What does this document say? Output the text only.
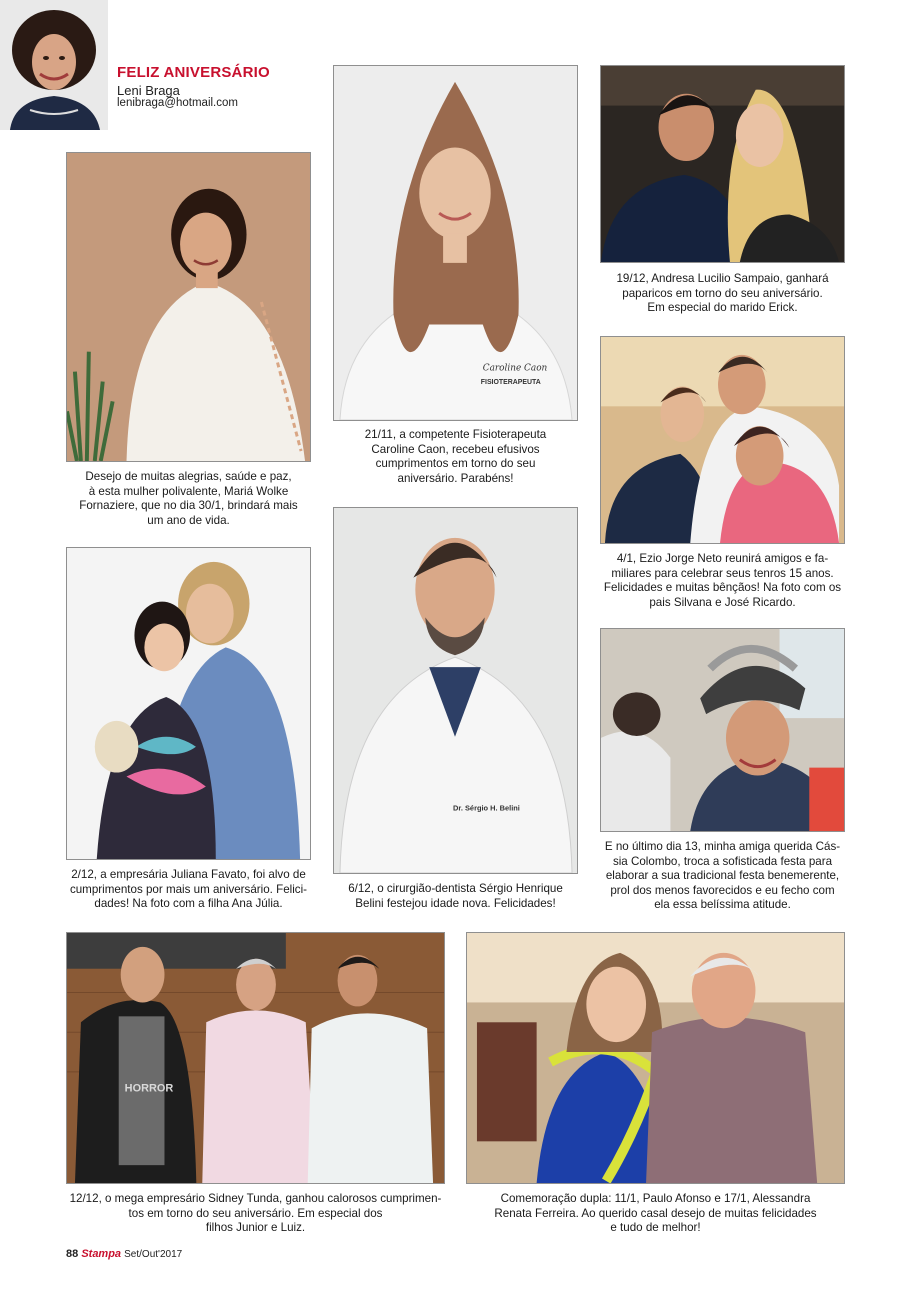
FELIZ ANIVERSÁRIO
Leni Braga
lenibraga@hotmail.com
Desejo de muitas alegrias, saúde e paz,
à esta mulher polivalente, Mariá Wolke
Fornaziere, que no dia 30/1, brindará mais
um ano de vida.
Caroline Caon
FISIOTERAPEUTA
21/11, a competente Fisioterapeuta
Caroline Caon, recebeu efusivos
cumprimentos em torno do seu
aniversário. Parabéns!
19/12, Andresa Lucilio Sampaio, ganhará
paparicos em torno do seu aniversário.
Em especial do marido Erick.
4/1, Ezio Jorge Neto reunirá amigos e fa-
miliares para celebrar seus tenros 15 anos.
Felicidades e muitas bênçãos! Na foto com os
pais Silvana e José Ricardo.
2/12, a empresária Juliana Favato, foi alvo de
cumprimentos por mais um aniversário. Felici-
dades! Na foto com a filha Ana Júlia.
Dr. Sérgio H. Belini
6/12, o cirurgião-dentista Sérgio Henrique
Belini festejou idade nova. Felicidades!
E no último dia 13, minha amiga querida Cás-
sia Colombo, troca a sofisticada festa para
elaborar a sua tradicional festa benemerente,
prol dos menos favorecidos e eu fecho com
ela essa belíssima atitude.
HORROR
12/12, o mega empresário Sidney Tunda, ganhou calorosos cumprimen-
tos em torno do seu aniversário. Em especial dos
filhos Junior e Luiz.
Comemoração dupla: 11/1, Paulo Afonso e 17/1, Alessandra
Renata Ferreira. Ao querido casal desejo de muitas felicidades
e tudo de melhor!
88 Stampa Set/Out'2017
